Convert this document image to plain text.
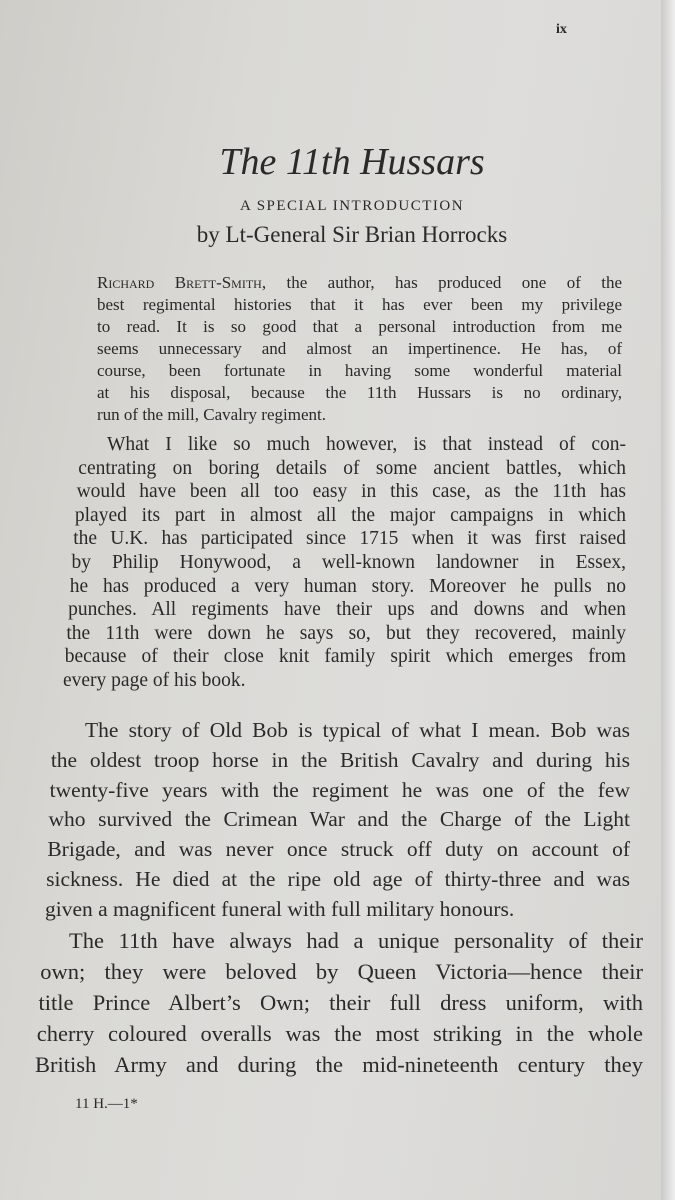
ix
The 11th Hussars
A SPECIAL INTRODUCTION
by Lt-General Sir Brian Horrocks
Richard Brett-Smith, the author, has produced one of the
best regimental histories that it has ever been my privilege
to read. It is so good that a personal introduction from me
seems unnecessary and almost an impertinence. He has, of
course, been fortunate in having some wonderful material
at his disposal, because the 11th Hussars is no ordinary,
run of the mill, Cavalry regiment.
What I like so much however, is that instead of con-
centrating on boring details of some ancient battles, which
would have been all too easy in this case, as the 11th has
played its part in almost all the major campaigns in which
the U.K. has participated since 1715 when it was first raised
by Philip Honywood, a well-known landowner in Essex,
he has produced a very human story. Moreover he pulls no
punches. All regiments have their ups and downs and when
the 11th were down he says so, but they recovered, mainly
because of their close knit family spirit which emerges from
every page of his book.
The story of Old Bob is typical of what I mean. Bob was
the oldest troop horse in the British Cavalry and during his
twenty-five years with the regiment he was one of the few
who survived the Crimean War and the Charge of the Light
Brigade, and was never once struck off duty on account of
sickness. He died at the ripe old age of thirty-three and was
given a magnificent funeral with full military honours.
The 11th have always had a unique personality of their
own; they were beloved by Queen Victoria—hence their
title Prince Albert’s Own; their full dress uniform, with
cherry coloured overalls was the most striking in the whole
British Army and during the mid-nineteenth century they
11 H.—1*
